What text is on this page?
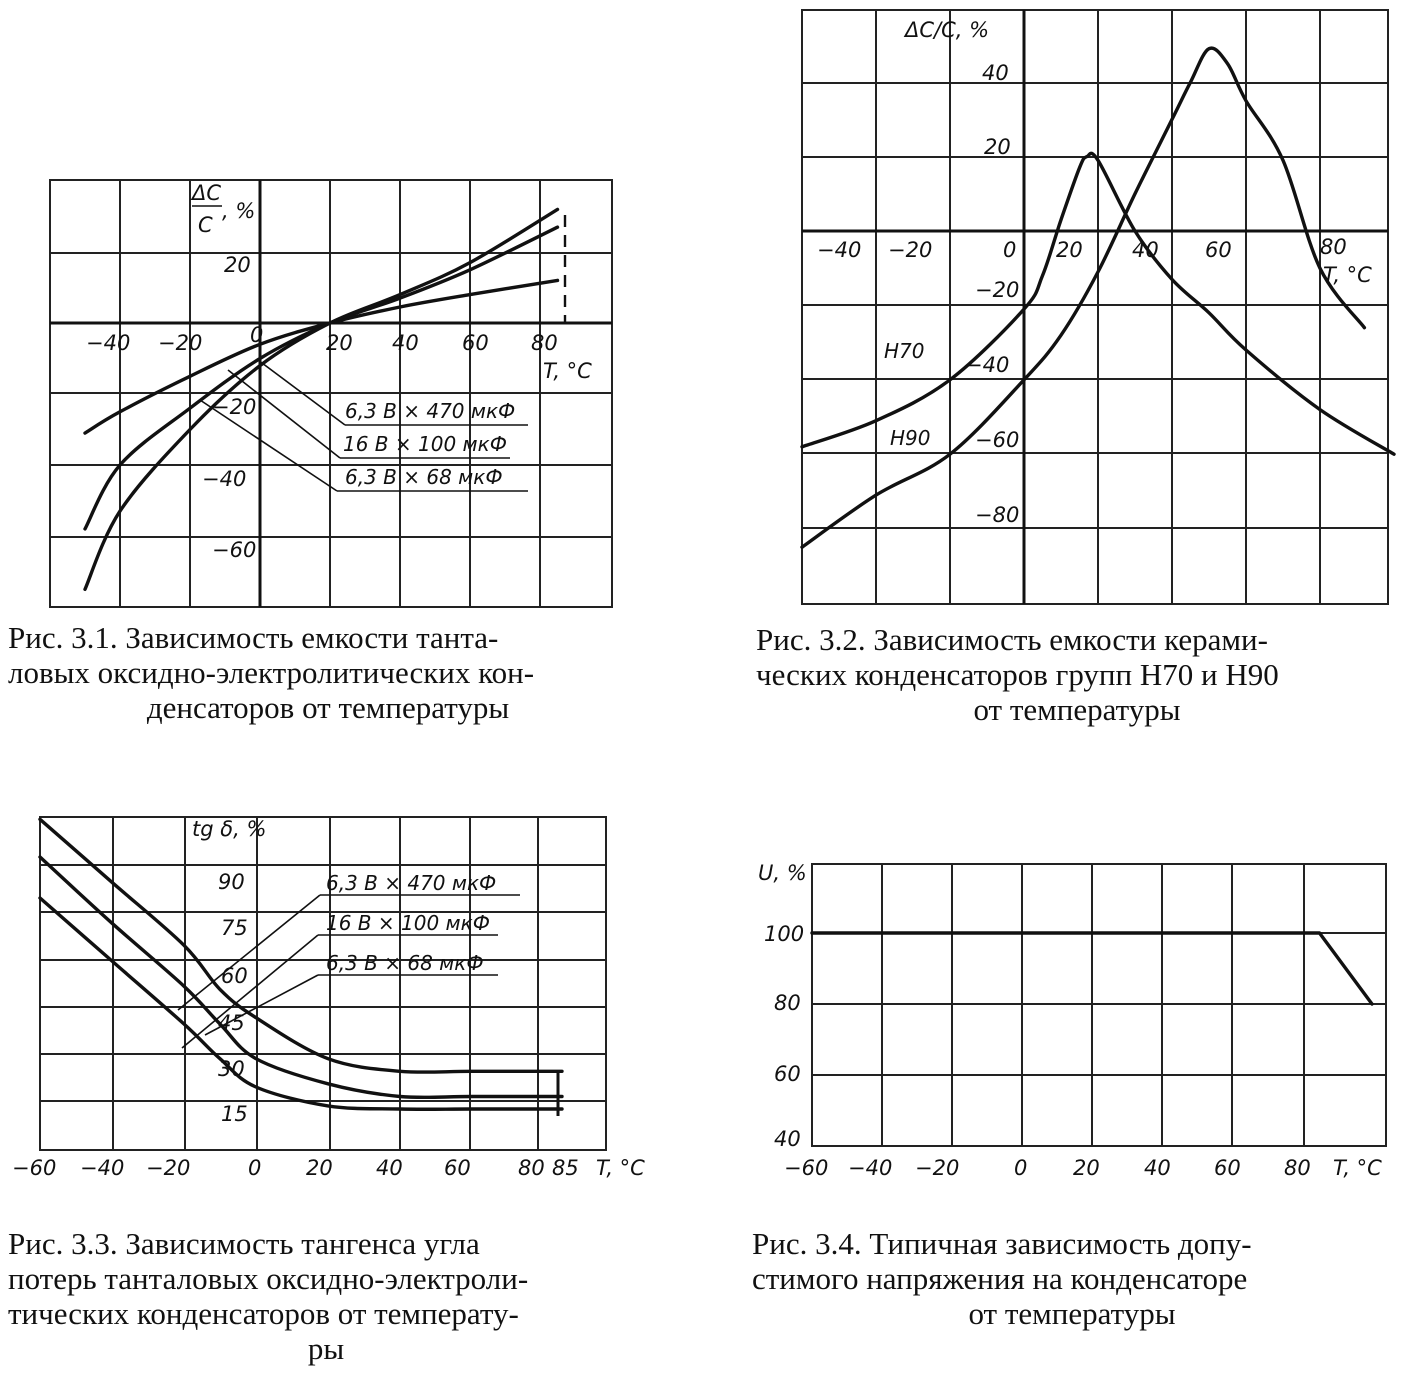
6,3 В × 470 мкФ
16 В × 100 мкФ
6,3 В × 68 мкФ
ΔC
C
, %
T, °C
−40 −20 0	20 40 60 80
20
−20
−40
−60
ΔC/C, %
T, °C
−40 −20	0 20 40 60	80
40
20
−20
−40
−60
−80
Н70
Н90
6,3 В × 470 мкФ
16 В × 100 мкФ
6,3 В × 68 мкФ
tg δ, %
T, °C
90
75
60
45
30
15
−60 −40 −20	0 20 40 60 80 85
U, %
T, °C
100
80
60
40
−60 −40 −20	0 20 40 60 80
Рис. 3.1. Зависимость емкости танта-
ловых оксидно-электролитических кон-
денсаторов от температуры
Рис. 3.2. Зависимость емкости керами-
ческих конденсаторов групп Н70 и Н90
от температуры
Рис. 3.3. Зависимость тангенса угла
потерь танталовых оксидно-электроли-
тических конденсаторов от температу-
ры
Рис. 3.4. Типичная зависимость допу-
стимого напряжения на конденсаторе
от температуры
